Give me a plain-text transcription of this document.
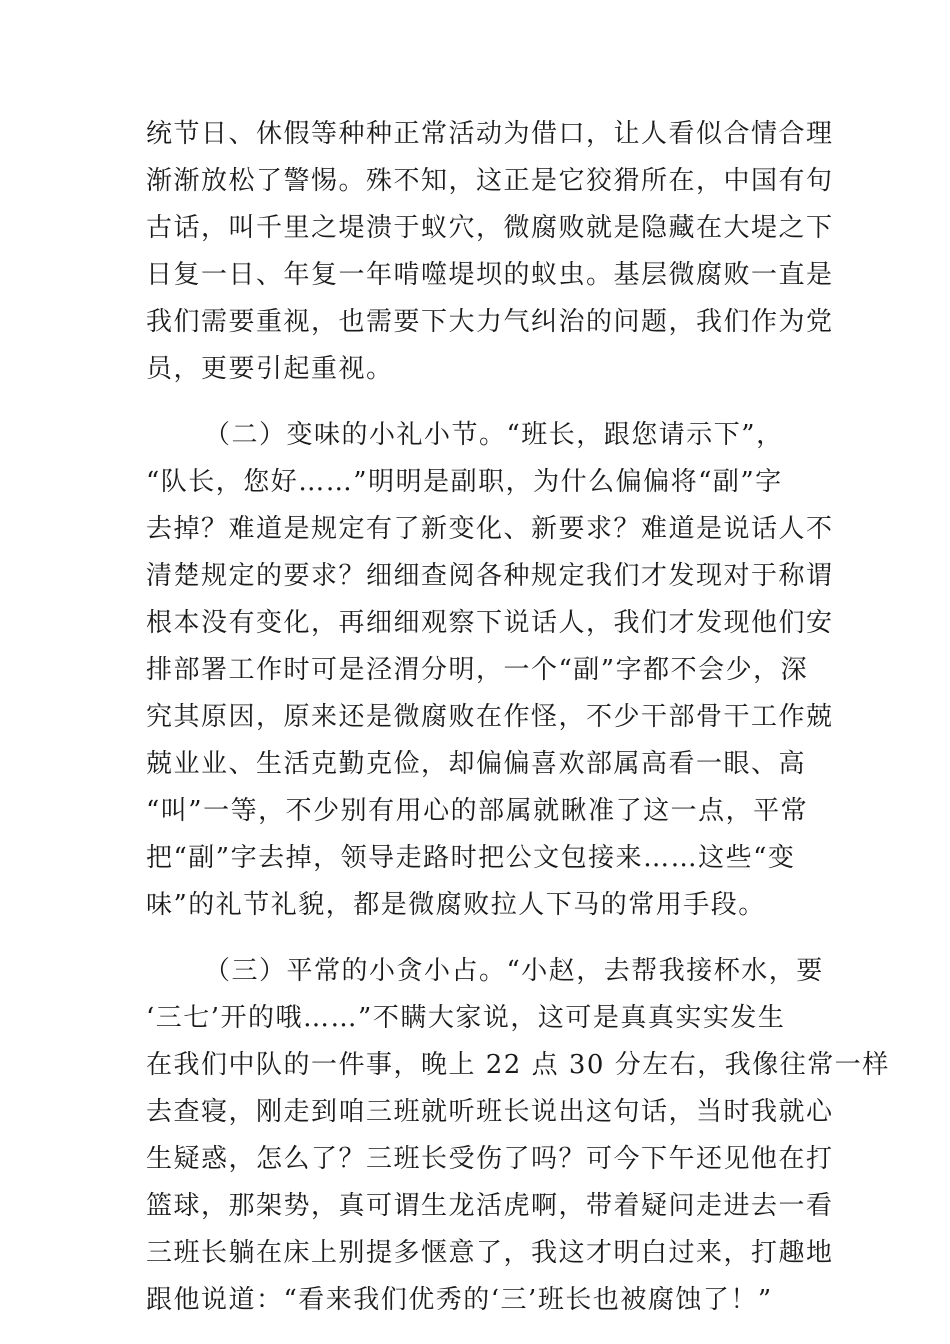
统节日、休假等种种正常活动为借口，让人看似合情合理
渐渐放松了警惕。殊不知，这正是它狡猾所在，中国有句
古话，叫千里之堤溃于蚁穴，微腐败就是隐藏在大堤之下
日复一日、年复一年啃噬堤坝的蚁虫。基层微腐败一直是
我们需要重视，也需要下大力气纠治的问题，我们作为党
员，更要引起重视。
（二）变味的小礼小节。“班长，跟您请示下”，
“队长，您好……”明明是副职，为什么偏偏将“副”字
去掉？难道是规定有了新变化、新要求？难道是说话人不
清楚规定的要求？细细查阅各种规定我们才发现对于称谓
根本没有变化，再细细观察下说话人，我们才发现他们安
排部署工作时可是泾渭分明，一个“副”字都不会少，深
究其原因，原来还是微腐败在作怪，不少干部骨干工作兢
兢业业、生活克勤克俭，却偏偏喜欢部属高看一眼、高
“叫”一等，不少别有用心的部属就瞅准了这一点，平常
把“副”字去掉，领导走路时把公文包接来……这些“变
味”的礼节礼貌，都是微腐败拉人下马的常用手段。
（三）平常的小贪小占。“小赵，去帮我接杯水，要
‘三七’开的哦……”不瞒大家说，这可是真真实实发生
在我们中队的一件事，晚上 22 点 30 分左右，我像往常一样
去查寝，刚走到咱三班就听班长说出这句话，当时我就心
生疑惑，怎么了？三班长受伤了吗？可今下午还见他在打
篮球，那架势，真可谓生龙活虎啊，带着疑问走进去一看
三班长躺在床上别提多惬意了，我这才明白过来，打趣地
跟他说道：“看来我们优秀的‘三’班长也被腐蚀了！”
